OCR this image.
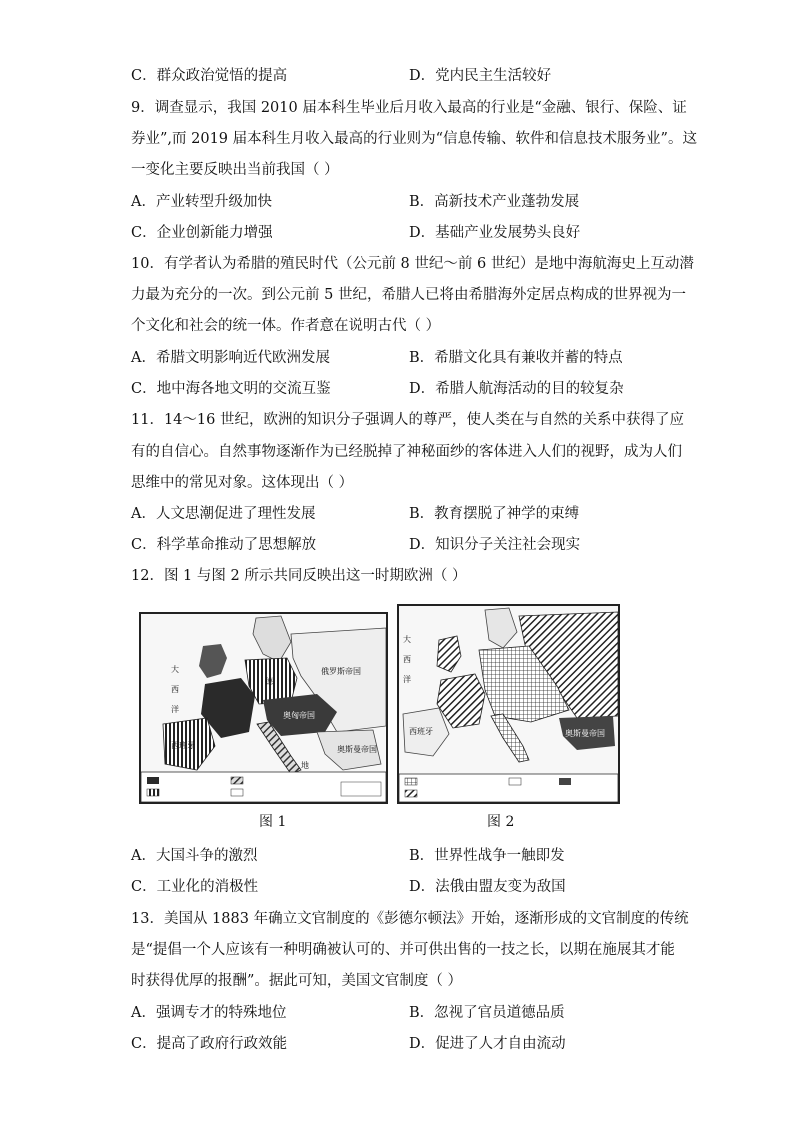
C．群众政治觉悟的提高	D．党内民主生活较好
9．调查显示，我国 2010 届本科生毕业后月收入最高的行业是“金融、银行、保险、证
券业”,而 2019 届本科生月收入最高的行业则为“信息传输、软件和信息技术服务业”。这
一变化主要反映出当前我国（ ）
A．产业转型升级加快	B．高新技术产业蓬勃发展
C．企业创新能力增强	D．基础产业发展势头良好
10．有学者认为希腊的殖民时代（公元前 8 世纪～前 6 世纪）是地中海航海史上互动潜
力最为充分的一次。到公元前 5 世纪，希腊人已将由希腊海外定居点构成的世界视为一
个文化和社会的统一体。作者意在说明古代（ ）
A．希腊文明影响近代欧洲发展	B．希腊文化具有兼收并蓄的特点
C．地中海各地文明的交流互鉴	D．希腊人航海活动的目的较复杂
11．14～16 世纪，欧洲的知识分子强调人的尊严，使人类在与自然的关系中获得了应
有的自信心。自然事物逐渐作为已经脱掉了神秘面纱的客体进入人们的视野，成为人们
思维中的常见对象。这体现出（ ）
A．人文思潮促进了理性发展	B．教育摆脱了神学的束缚
C．科学革命推动了思想解放	D．知识分子关注社会现实
12．图 1 与图 2 所示共同反映出这一时期欧洲（ ）
大
西
洋
俄罗斯帝国
德
奥匈帝国
西班牙	奥斯曼帝国
地
大
西
洋
西班牙	奥斯曼帝国
图 1	图 2
A．大国斗争的激烈	B．世界性战争一触即发
C．工业化的消极性	D．法俄由盟友变为敌国
13．美国从 1883 年确立文官制度的《彭德尔顿法》开始，逐渐形成的文官制度的传统
是“提倡一个人应该有一种明确被认可的、并可供出售的一技之长，以期在施展其才能
时获得优厚的报酬”。据此可知，美国文官制度（ ）
A．强调专才的特殊地位	B．忽视了官员道德品质
C．提高了政府行政效能	D．促进了人才自由流动
